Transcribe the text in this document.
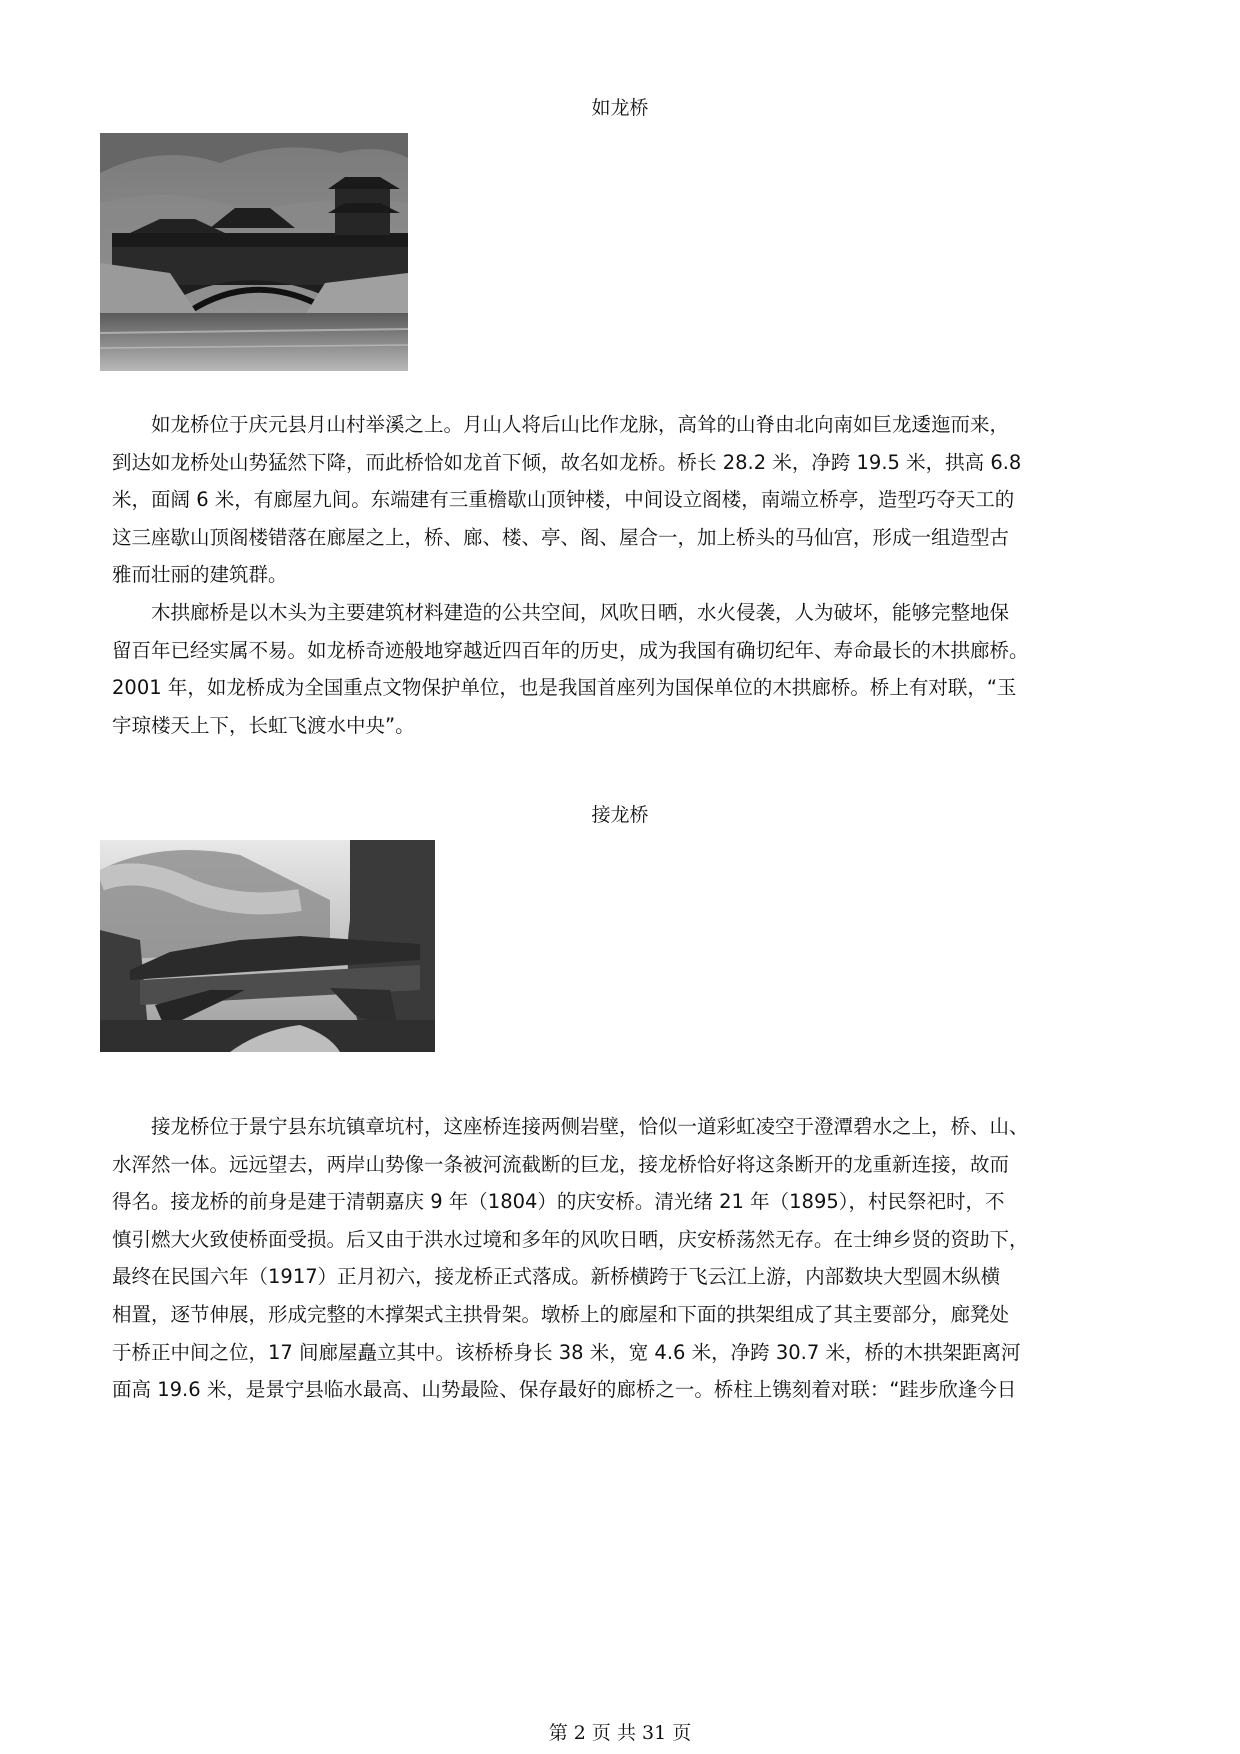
如龙桥
　　如龙桥位于庆元县月山村举溪之上。月山人将后山比作龙脉，高耸的山脊由北向南如巨龙逶迤而来，
到达如龙桥处山势猛然下降，而此桥恰如龙首下倾，故名如龙桥。桥长 28.2 米，净跨 19.5 米，拱高 6.8
米，面阔 6 米，有廊屋九间。东端建有三重檐歇山顶钟楼，中间设立阁楼，南端立桥亭，造型巧夺天工的
这三座歇山顶阁楼错落在廊屋之上，桥、廊、楼、亭、阁、屋合一，加上桥头的马仙宫，形成一组造型古
雅而壮丽的建筑群。
　　木拱廊桥是以木头为主要建筑材料建造的公共空间，风吹日晒，水火侵袭，人为破坏，能够完整地保
留百年已经实属不易。如龙桥奇迹般地穿越近四百年的历史，成为我国有确切纪年、寿命最长的木拱廊桥。
2001 年，如龙桥成为全国重点文物保护单位，也是我国首座列为国保单位的木拱廊桥。桥上有对联，“玉
宇琼楼天上下，长虹飞渡水中央”。
接龙桥
　　接龙桥位于景宁县东坑镇章坑村，这座桥连接两侧岩壁，恰似一道彩虹凌空于澄潭碧水之上，桥、山、
水浑然一体。远远望去，两岸山势像一条被河流截断的巨龙，接龙桥恰好将这条断开的龙重新连接，故而
得名。接龙桥的前身是建于清朝嘉庆 9 年（1804）的庆安桥。清光绪 21 年（1895），村民祭祀时，不
慎引燃大火致使桥面受损。后又由于洪水过境和多年的风吹日晒，庆安桥荡然无存。在士绅乡贤的资助下，
最终在民国六年（1917）正月初六，接龙桥正式落成。新桥横跨于飞云江上游，内部数块大型圆木纵横
相置，逐节伸展，形成完整的木撑架式主拱骨架。墩桥上的廊屋和下面的拱架组成了其主要部分，廊凳处
于桥正中间之位，17 间廊屋矗立其中。该桥桥身长 38 米，宽 4.6 米，净跨 30.7 米，桥的木拱架距离河
面高 19.6 米，是景宁县临水最高、山势最险、保存最好的廊桥之一。桥柱上镌刻着对联：“跬步欣逢今日
第 2 页 共 31 页
